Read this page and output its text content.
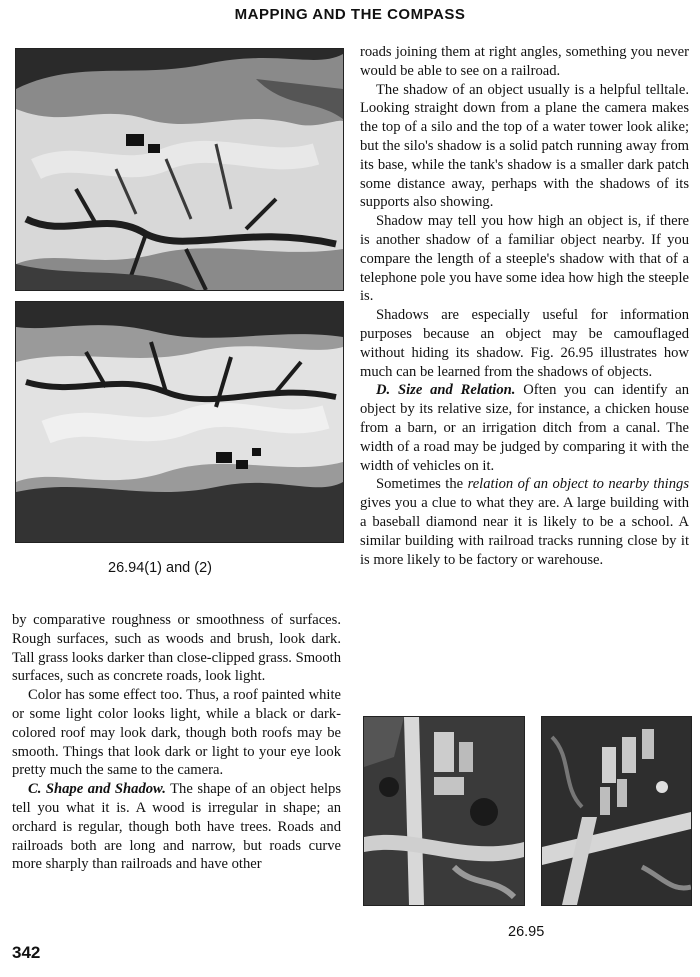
MAPPING AND THE COMPASS
26.94(1) and (2)

by comparative roughness or smoothness of surfaces. Rough surfaces, such as woods and brush, look dark. Tall grass looks darker than close-clipped grass. Smooth surfaces, such as concrete roads, look light.

Color has some effect too. Thus, a roof painted white or some light color looks light, while a black or dark-colored roof may look dark, though both roofs may be smooth. Things that look dark or light to your eye look pretty much the same to the camera.

C. Shape and Shadow. The shape of an object helps tell you what it is. A wood is irregular in shape; an orchard is regular, though both have trees. Roads and railroads both are long and narrow, but roads curve more sharply than railroads and have other

roads joining them at right angles, something you never would be able to see on a railroad.

The shadow of an object usually is a helpful telltale. Looking straight down from a plane the camera makes the top of a silo and the top of a water tower look alike; but the silo's shadow is a solid patch running away from its base, while the tank's shadow is a smaller dark patch some distance away, perhaps with the shadows of its supports also showing.

Shadow may tell you how high an object is, if there is another shadow of a familiar object nearby. If you compare the length of a steeple's shadow with that of a telephone pole you have some idea how high the steeple is.

Shadows are especially useful for information purposes because an object may be camouflaged without hiding its shadow. Fig. 26.95 illustrates how much can be learned from the shadows of objects.

D. Size and Relation. Often you can identify an object by its relative size, for instance, a chicken house from a barn, or an irrigation ditch from a canal. The width of a road may be judged by comparing it with the width of vehicles on it.

Sometimes the relation of an object to nearby things gives you a clue to what they are. A large building with a baseball diamond near it is likely to be a school. A similar building with railroad tracks running close by it is more likely to be factory or warehouse.

26.95
342
